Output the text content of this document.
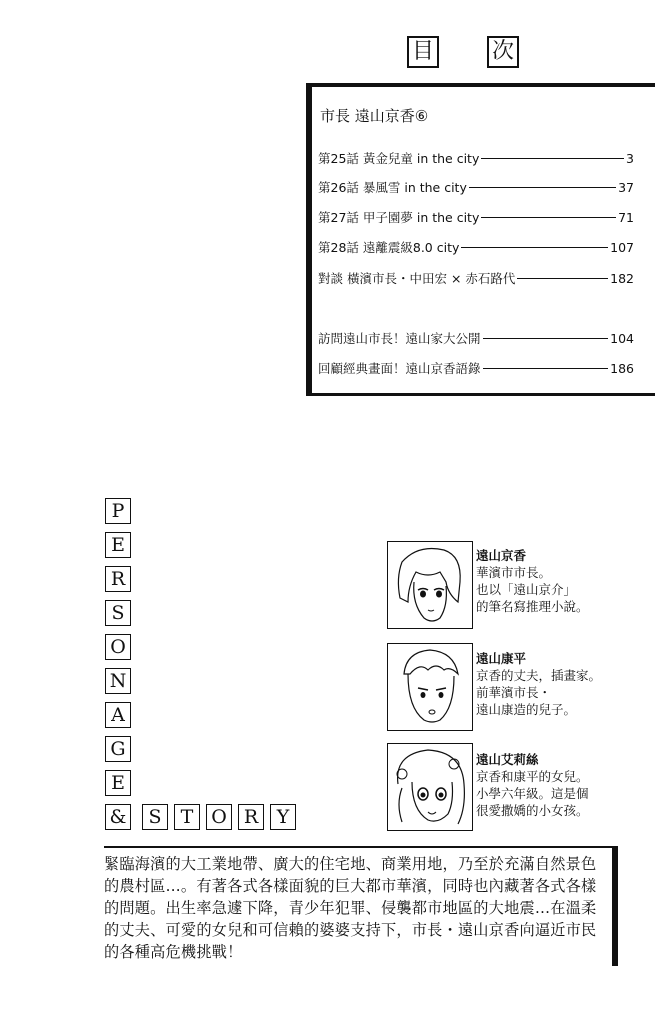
目	次
市長 遠山京香⑥
第25話 黃金兒童 in the city	3
第26話 暴風雪 in the city	37
第27話 甲子園夢 in the city	71
第28話 遠離震級8.0 city	107
對談 橫濱市長・中田宏 × 赤石路代	182
訪問遠山市長！遠山家大公開	104
回顧經典畫面！遠山京香語錄	186
P
E
R
S
O
N
A
G
E
&	S	T O R Y
遠山京香
華濱市市長。
也以「遠山京介」
的筆名寫推理小說。
遠山康平
京香的丈夫，插畫家。
前華濱市長・
遠山康造的兒子。
遠山艾莉絲
京香和康平的女兒。
小學六年級。這是個
很愛撒嬌的小女孩。
緊臨海濱的大工業地帶、廣大的住宅地、商業用地，乃至於充滿自然景色的農村區…。有著各式各樣面貌的巨大都市華濱，同時也內藏著各式各樣的問題。出生率急遽下降，青少年犯罪、侵襲都市地區的大地震…在溫柔的丈夫、可愛的女兒和可信賴的婆婆支持下，市長・遠山京香向逼近市民的各種高危機挑戰！
